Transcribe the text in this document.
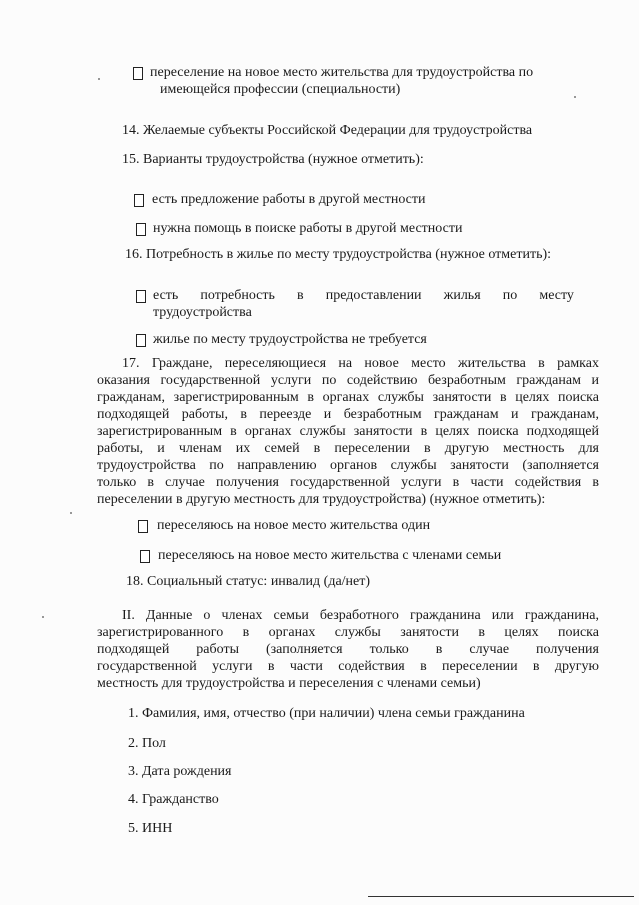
переселение на новое место жительства для трудоустройства по
имеющейся профессии (специальности)
14. Желаемые субъекты Российской Федерации для трудоустройства
15. Варианты трудоустройства (нужное отметить):
есть предложение работы в другой местности
нужна помощь в поиске работы в другой местности
16. Потребность в жилье по месту трудоустройства (нужное отметить):
есть потребность в предоставлении жилья по месту
трудоустройства
жилье по месту трудоустройства не требуется
17. Граждане, переселяющиеся на новое место жительства в рамках
оказания государственной услуги по содействию безработным гражданам и
гражданам, зарегистрированным в органах службы занятости в целях поиска
подходящей работы, в переезде и безработным гражданам и гражданам,
зарегистрированным в органах службы занятости в целях поиска подходящей
работы, и членам их семей в переселении в другую местность для
трудоустройства по направлению органов службы занятости (заполняется
только в случае получения государственной услуги в части содействия в
переселении в другую местность для трудоустройства) (нужное отметить):
переселяюсь на новое место жительства один
переселяюсь на новое место жительства с членами семьи
18. Социальный статус: инвалид (да/нет)
II. Данные о членах семьи безработного гражданина или гражданина,
зарегистрированного в органах службы занятости в целях поиска
подходящей работы (заполняется только в случае получения
государственной услуги в части содействия в переселении в другую
местность для трудоустройства и переселения с членами семьи)
1. Фамилия, имя, отчество (при наличии) члена семьи гражданина
2. Пол
3. Дата рождения
4. Гражданство
5. ИНН
